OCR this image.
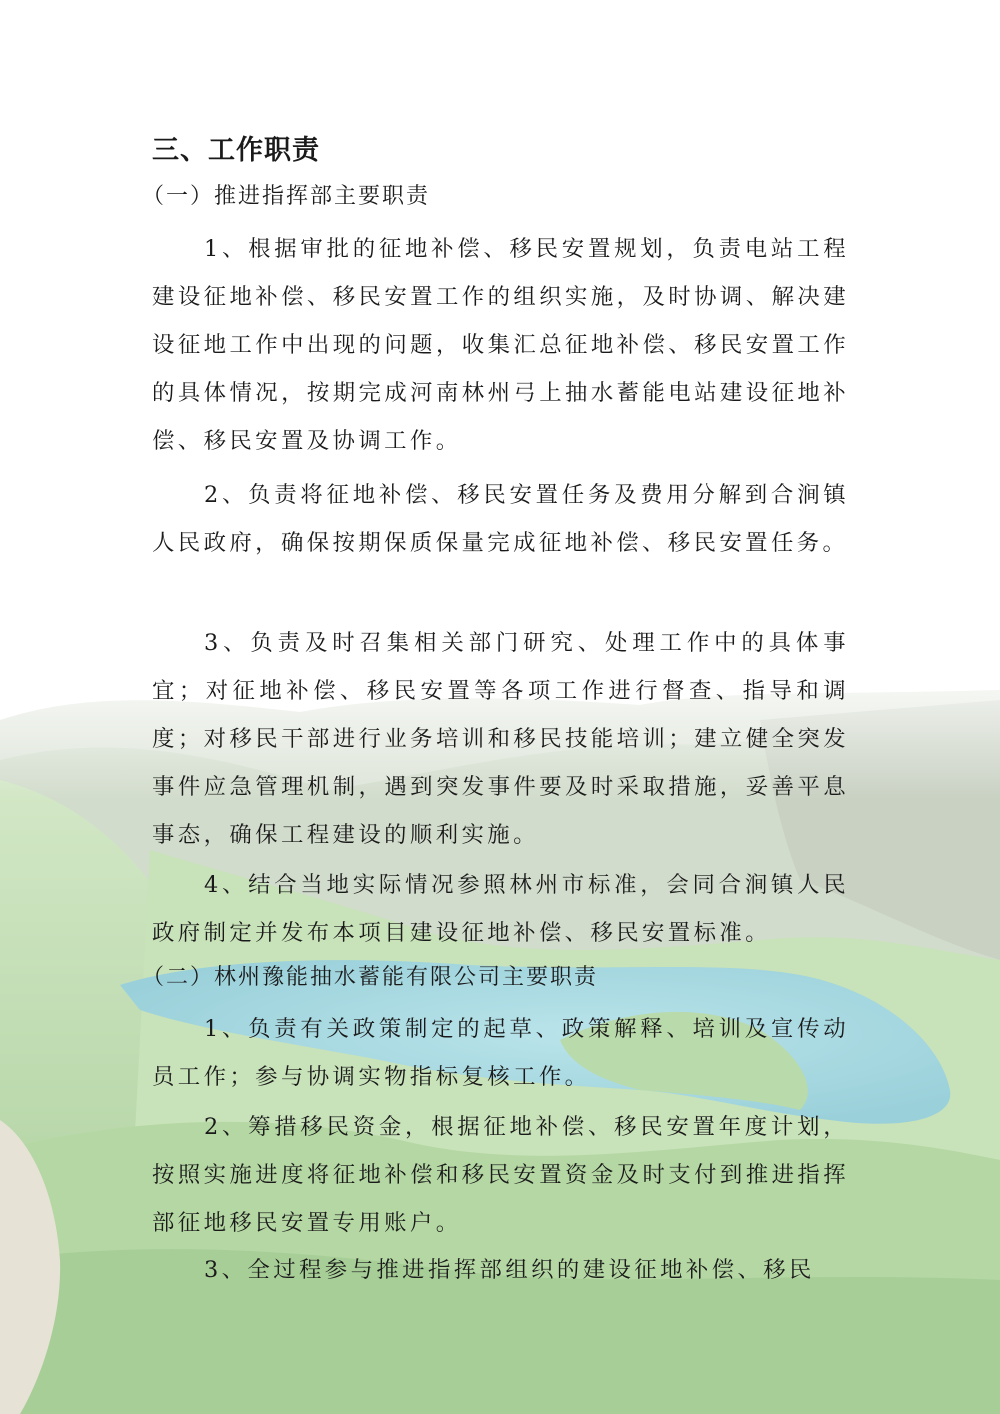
三、工作职责

（一）推进指挥部主要职责

1、根据审批的征地补偿、移民安置规划，负责电站工程建设征地补偿、移民安置工作的组织实施，及时协调、解决建设征地工作中出现的问题，收集汇总征地补偿、移民安置工作的具体情况，按期完成河南林州弓上抽水蓄能电站建设征地补偿、移民安置及协调工作。

2、负责将征地补偿、移民安置任务及费用分解到合涧镇人民政府，确保按期保质保量完成征地补偿、移民安置任务。

3、负责及时召集相关部门研究、处理工作中的具体事宜；对征地补偿、移民安置等各项工作进行督查、指导和调度；对移民干部进行业务培训和移民技能培训；建立健全突发事件应急管理机制，遇到突发事件要及时采取措施，妥善平息事态，确保工程建设的顺利实施。

4、结合当地实际情况参照林州市标准，会同合涧镇人民政府制定并发布本项目建设征地补偿、移民安置标准。

（二）林州豫能抽水蓄能有限公司主要职责

1、负责有关政策制定的起草、政策解释、培训及宣传动员工作；参与协调实物指标复核工作。

2、筹措移民资金，根据征地补偿、移民安置年度计划，按照实施进度将征地补偿和移民安置资金及时支付到推进指挥部征地移民安置专用账户。

3、全过程参与推进指挥部组织的建设征地补偿、移民
